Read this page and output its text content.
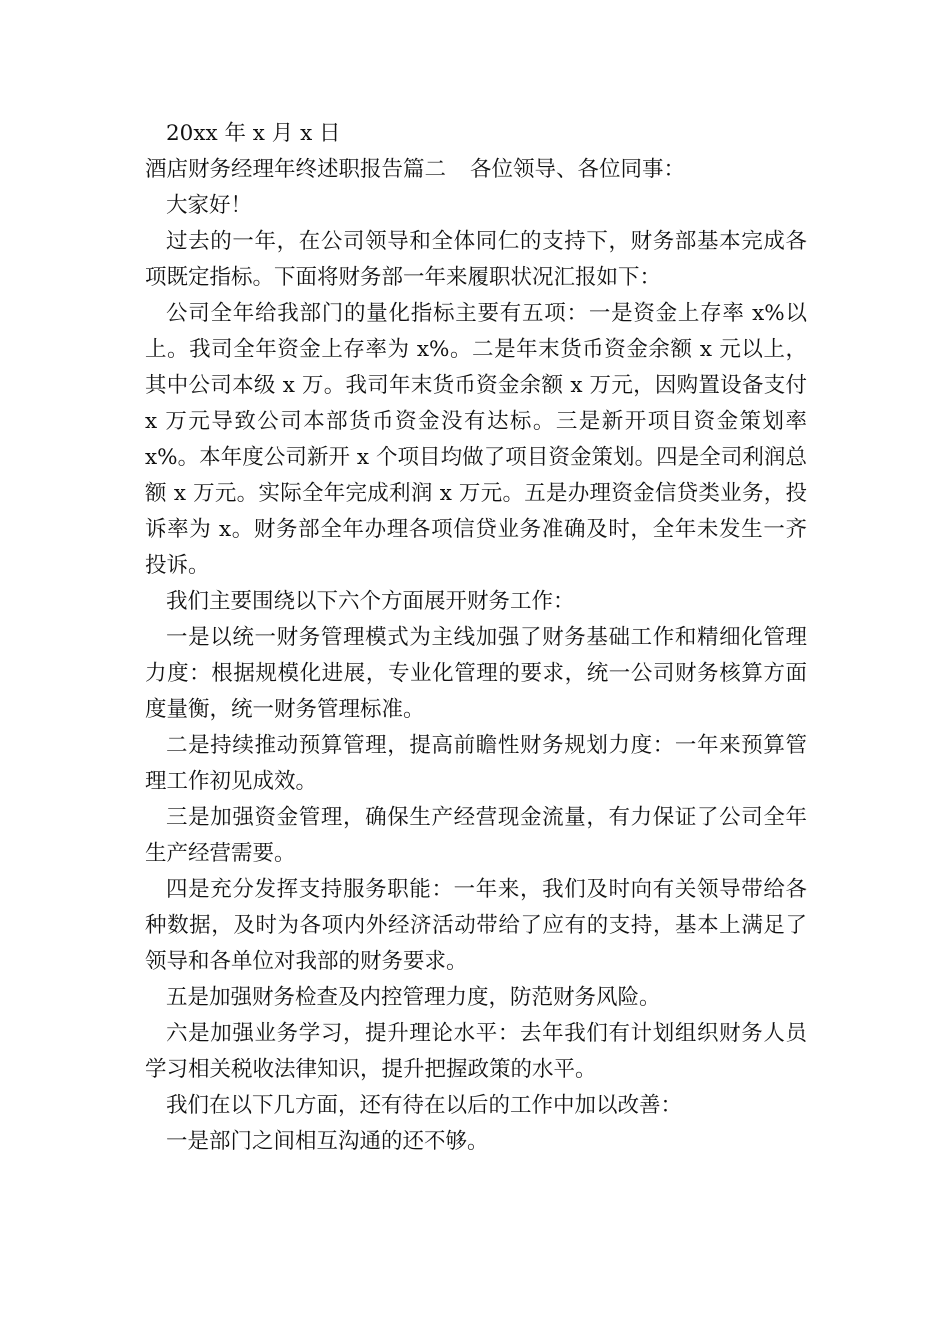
20xx 年 x 月 x 日

酒店财务经理年终述职报告篇二 各位领导、各位同事：

大家好！

过去的一年，在公司领导和全体同仁的支持下，财务部基本完成各项既定指标。下面将财务部一年来履职状况汇报如下：

公司全年给我部门的量化指标主要有五项：一是资金上存率 x%以上。我司全年资金上存率为 x%。二是年末货币资金余额 x 元以上，其中公司本级 x 万。我司年末货币资金余额 x 万元，因购置设备支付 x 万元导致公司本部货币资金没有达标。三是新开项目资金策划率 x%。本年度公司新开 x 个项目均做了项目资金策划。四是全司利润总额 x 万元。实际全年完成利润 x 万元。五是办理资金信贷类业务，投诉率为 x。财务部全年办理各项信贷业务准确及时，全年未发生一齐投诉。

我们主要围绕以下六个方面展开财务工作：

一是以统一财务管理模式为主线加强了财务基础工作和精细化管理力度：根据规模化进展，专业化管理的要求，统一公司财务核算方面度量衡，统一财务管理标准。

二是持续推动预算管理，提高前瞻性财务规划力度：一年来预算管理工作初见成效。

三是加强资金管理，确保生产经营现金流量，有力保证了公司全年生产经营需要。

四是充分发挥支持服务职能：一年来，我们及时向有关领导带给各种数据，及时为各项内外经济活动带给了应有的支持，基本上满足了领导和各单位对我部的财务要求。

五是加强财务检查及内控管理力度，防范财务风险。

六是加强业务学习，提升理论水平：去年我们有计划组织财务人员学习相关税收法律知识，提升把握政策的水平。

我们在以下几方面，还有待在以后的工作中加以改善：

一是部门之间相互沟通的还不够。
